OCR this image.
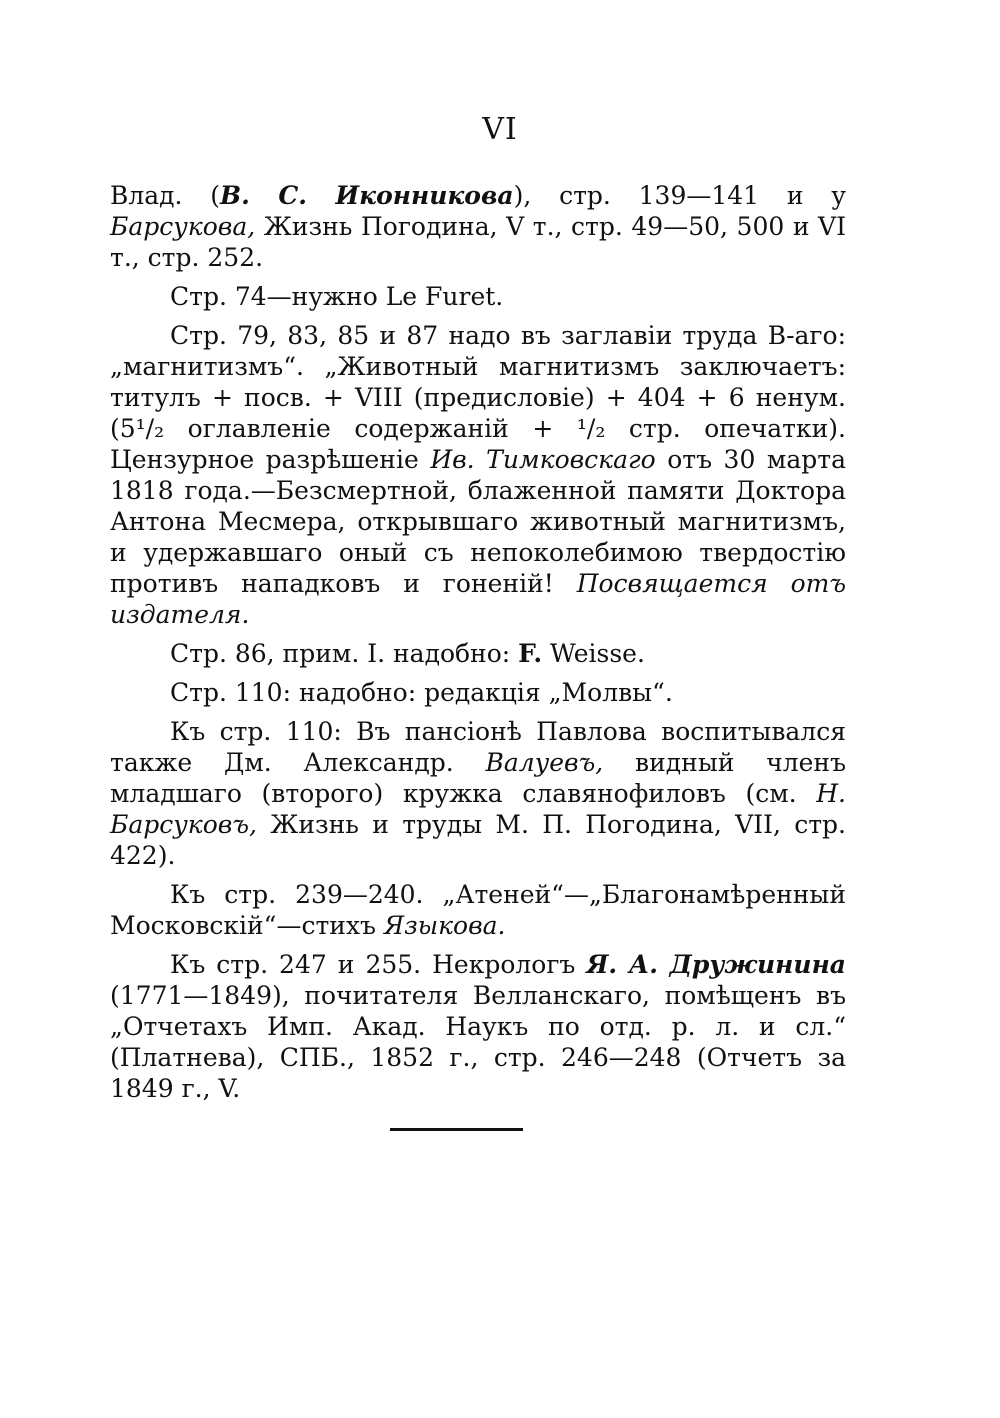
VI

Влад. (В. С. Иконникова), стр. 139—141 и у Барсукова, Жизнь Погодина, V т., стр. 49—50, 500 и VI т., стр. 252.

Стр. 74—нужно Le Furet.

Стр. 79, 83, 85 и 87 надо въ заглавіи труда В-аго: „магнитизмъ“. „Животный магнитизмъ заключаетъ: титулъ + посв. + VIII (предисловіе) + 404 + 6 ненум. (5¹/₂ оглавленіе содержаній + ¹/₂ стр. опечатки). Цензурное разрѣшеніе Ив. Тимковскаго отъ 30 марта 1818 года.—Безсмертной, блаженной памяти Доктора Антона Месмера, открывшаго животный магнитизмъ, и удержавшаго оный съ непоколебимою твердостію противъ нападковъ и гоненій! Посвящается отъ издателя.

Стр. 86, прим. I. надобно: F. Weisse.

Стр. 110: надобно: редакція „Молвы“.

Къ стр. 110: Въ пансіонѣ Павлова воспитывался также Дм. Александр. Валуевъ, видный членъ младшаго (второго) кружка славянофиловъ (см. Н. Барсуковъ, Жизнь и труды М. П. Погодина, VII, стр. 422).

Къ стр. 239—240. „Атеней“—„Благонамѣренный Московскій“—стихъ Языкова.

Къ стр. 247 и 255. Некрологъ Я. А. Дружинина (1771—1849), почитателя Велланскаго, помѣщенъ въ „Отчетахъ Имп. Акад. Наукъ по отд. р. л. и сл.“ (Платнева), СПБ., 1852 г., стр. 246—248 (Отчетъ за 1849 г., V.
